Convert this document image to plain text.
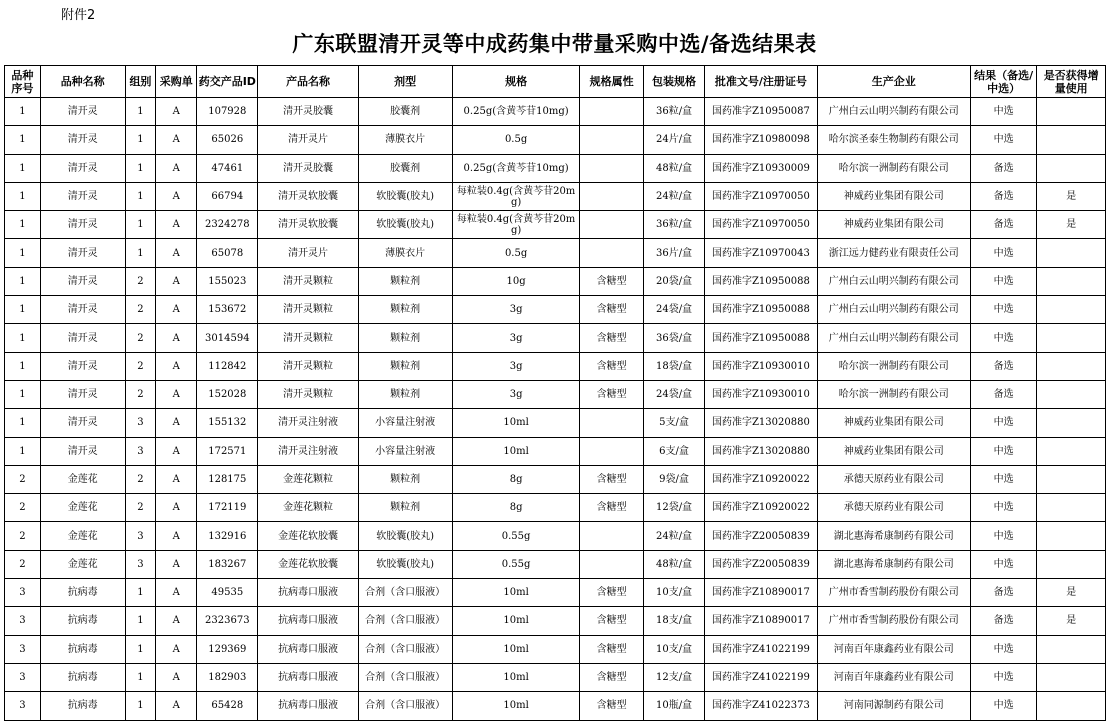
附件2
广东联盟清开灵等中成药集中带量采购中选/备选结果表
品种序号	品种名称	组别	采购单	药交产品ID	产品名称	剂型	规格	规格属性	包装规格	批准文号/注册证号	生产企业	结果（备选/中选）	是否获得增量使用
1	清开灵	1	A	107928	清开灵胶囊	胶囊剂	0.25g(含黄芩苷10mg)		36粒/盒	国药准字Z10950087	广州白云山明兴制药有限公司	中选	
1	清开灵	1	A	65026	清开灵片	薄膜衣片	0.5g		24片/盒	国药准字Z10980098	哈尔滨圣泰生物制药有限公司	中选	
1	清开灵	1	A	47461	清开灵胶囊	胶囊剂	0.25g(含黄芩苷10mg)		48粒/盒	国药准字Z10930009	哈尔滨一洲制药有限公司	备选	
1	清开灵	1	A	66794	清开灵软胶囊	软胶囊(胶丸)	每粒装0.4g(含黄芩苷20mg)		24粒/盒	国药准字Z10970050	神威药业集团有限公司	备选	是
1	清开灵	1	A	2324278	清开灵软胶囊	软胶囊(胶丸)	每粒装0.4g(含黄芩苷20mg)		36粒/盒	国药准字Z10970050	神威药业集团有限公司	备选	是
1	清开灵	1	A	65078	清开灵片	薄膜衣片	0.5g		36片/盒	国药准字Z10970043	浙江远力健药业有限责任公司	中选	
1	清开灵	2	A	155023	清开灵颗粒	颗粒剂	10g	含糖型	20袋/盒	国药准字Z10950088	广州白云山明兴制药有限公司	中选	
1	清开灵	2	A	153672	清开灵颗粒	颗粒剂	3g	含糖型	24袋/盒	国药准字Z10950088	广州白云山明兴制药有限公司	中选	
1	清开灵	2	A	3014594	清开灵颗粒	颗粒剂	3g	含糖型	36袋/盒	国药准字Z10950088	广州白云山明兴制药有限公司	中选	
1	清开灵	2	A	112842	清开灵颗粒	颗粒剂	3g	含糖型	18袋/盒	国药准字Z10930010	哈尔滨一洲制药有限公司	备选	
1	清开灵	2	A	152028	清开灵颗粒	颗粒剂	3g	含糖型	24袋/盒	国药准字Z10930010	哈尔滨一洲制药有限公司	备选	
1	清开灵	3	A	155132	清开灵注射液	小容量注射液	10ml		5支/盒	国药准字Z13020880	神威药业集团有限公司	中选	
1	清开灵	3	A	172571	清开灵注射液	小容量注射液	10ml		6支/盒	国药准字Z13020880	神威药业集团有限公司	中选	
2	金莲花	2	A	128175	金莲花颗粒	颗粒剂	8g	含糖型	9袋/盒	国药准字Z10920022	承德天原药业有限公司	中选	
2	金莲花	2	A	172119	金莲花颗粒	颗粒剂	8g	含糖型	12袋/盒	国药准字Z10920022	承德天原药业有限公司	中选	
2	金莲花	3	A	132916	金莲花软胶囊	软胶囊(胶丸)	0.55g		24粒/盒	国药准字Z20050839	湖北惠海希康制药有限公司	中选	
2	金莲花	3	A	183267	金莲花软胶囊	软胶囊(胶丸)	0.55g		48粒/盒	国药准字Z20050839	湖北惠海希康制药有限公司	中选	
3	抗病毒	1	A	49535	抗病毒口服液	合剂（含口服液）	10ml	含糖型	10支/盒	国药准字Z10890017	广州市香雪制药股份有限公司	备选	是
3	抗病毒	1	A	2323673	抗病毒口服液	合剂（含口服液）	10ml	含糖型	18支/盒	国药准字Z10890017	广州市香雪制药股份有限公司	备选	是
3	抗病毒	1	A	129369	抗病毒口服液	合剂（含口服液）	10ml	含糖型	10支/盒	国药准字Z41022199	河南百年康鑫药业有限公司	中选	
3	抗病毒	1	A	182903	抗病毒口服液	合剂（含口服液）	10ml	含糖型	12支/盒	国药准字Z41022199	河南百年康鑫药业有限公司	中选	
3	抗病毒	1	A	65428	抗病毒口服液	合剂（含口服液）	10ml	含糖型	10瓶/盒	国药准字Z41022373	河南同源制药有限公司	中选	
